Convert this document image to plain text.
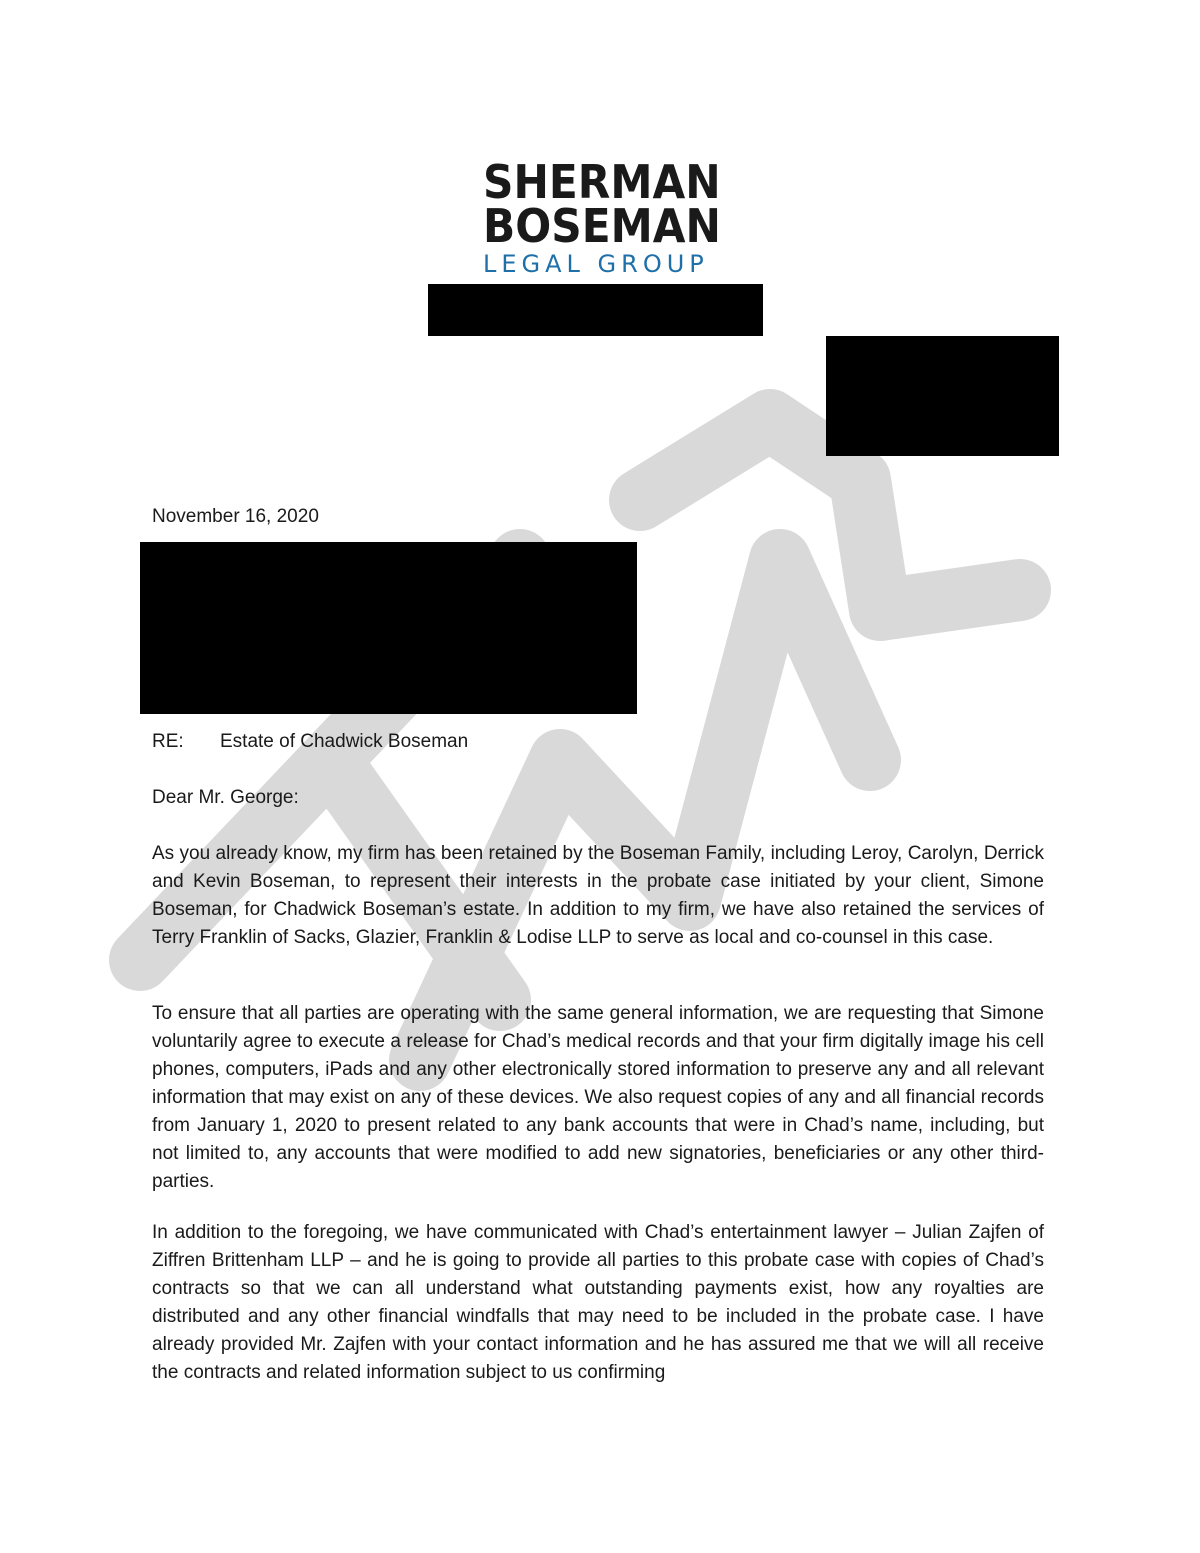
SHERMAN
BOSEMAN
LEGAL GROUP
November 16, 2020
RE: Estate of Chadwick Boseman
Dear Mr. George:
As you already know, my firm has been retained by the Boseman Family, including Leroy, Carolyn, Derrick and Kevin Boseman, to represent their interests in the probate case initiated by your client, Simone Boseman, for Chadwick Boseman’s estate. In addition to my firm, we have also retained the services of Terry Franklin of Sacks, Glazier, Franklin & Lodise LLP to serve as local and co-counsel in this case.
To ensure that all parties are operating with the same general information, we are requesting that Simone voluntarily agree to execute a release for Chad’s medical records and that your firm digitally image his cell phones, computers, iPads and any other electronically stored information to preserve any and all relevant information that may exist on any of these devices. We also request copies of any and all financial records from January 1, 2020 to present related to any bank accounts that were in Chad’s name, including, but not limited to, any accounts that were modified to add new signatories, beneficiaries or any other third-parties.
In addition to the foregoing, we have communicated with Chad’s entertainment lawyer – Julian Zajfen of Ziffren Brittenham LLP – and he is going to provide all parties to this probate case with copies of Chad’s contracts so that we can all understand what outstanding payments exist, how any royalties are distributed and any other financial windfalls that may need to be included in the probate case. I have already provided Mr. Zajfen with your contact information and he has assured me that we will all receive the contracts and related information subject to us confirming
